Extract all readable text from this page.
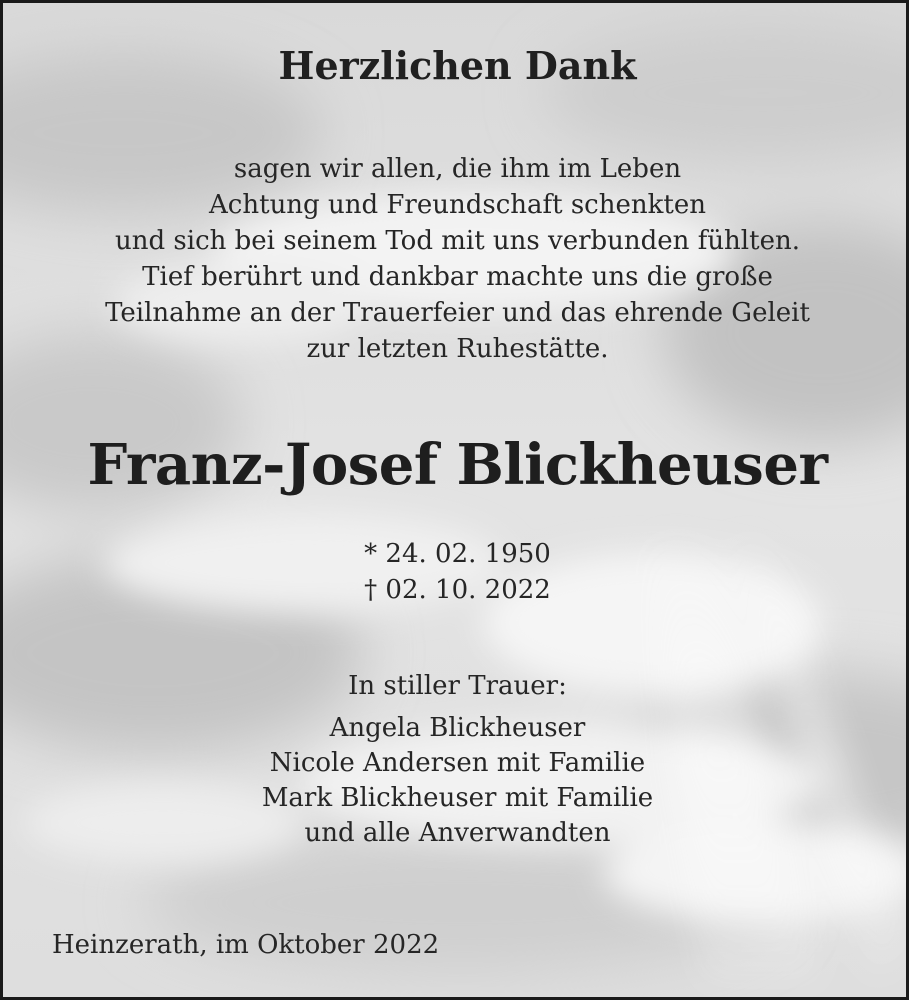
Herzlichen Dank
sagen wir allen, die ihm im Leben
Achtung und Freundschaft schenkten
und sich bei seinem Tod mit uns verbunden fühlten.
Tief berührt und dankbar machte uns die große
Teilnahme an der Trauerfeier und das ehrende Geleit
zur letzten Ruhestätte.
Franz-Josef Blickheuser
* 24. 02. 1950
† 02. 10. 2022
In stiller Trauer:
Angela Blickheuser
Nicole Andersen mit Familie
Mark Blickheuser mit Familie
und alle Anverwandten
Heinzerath, im Oktober 2022
